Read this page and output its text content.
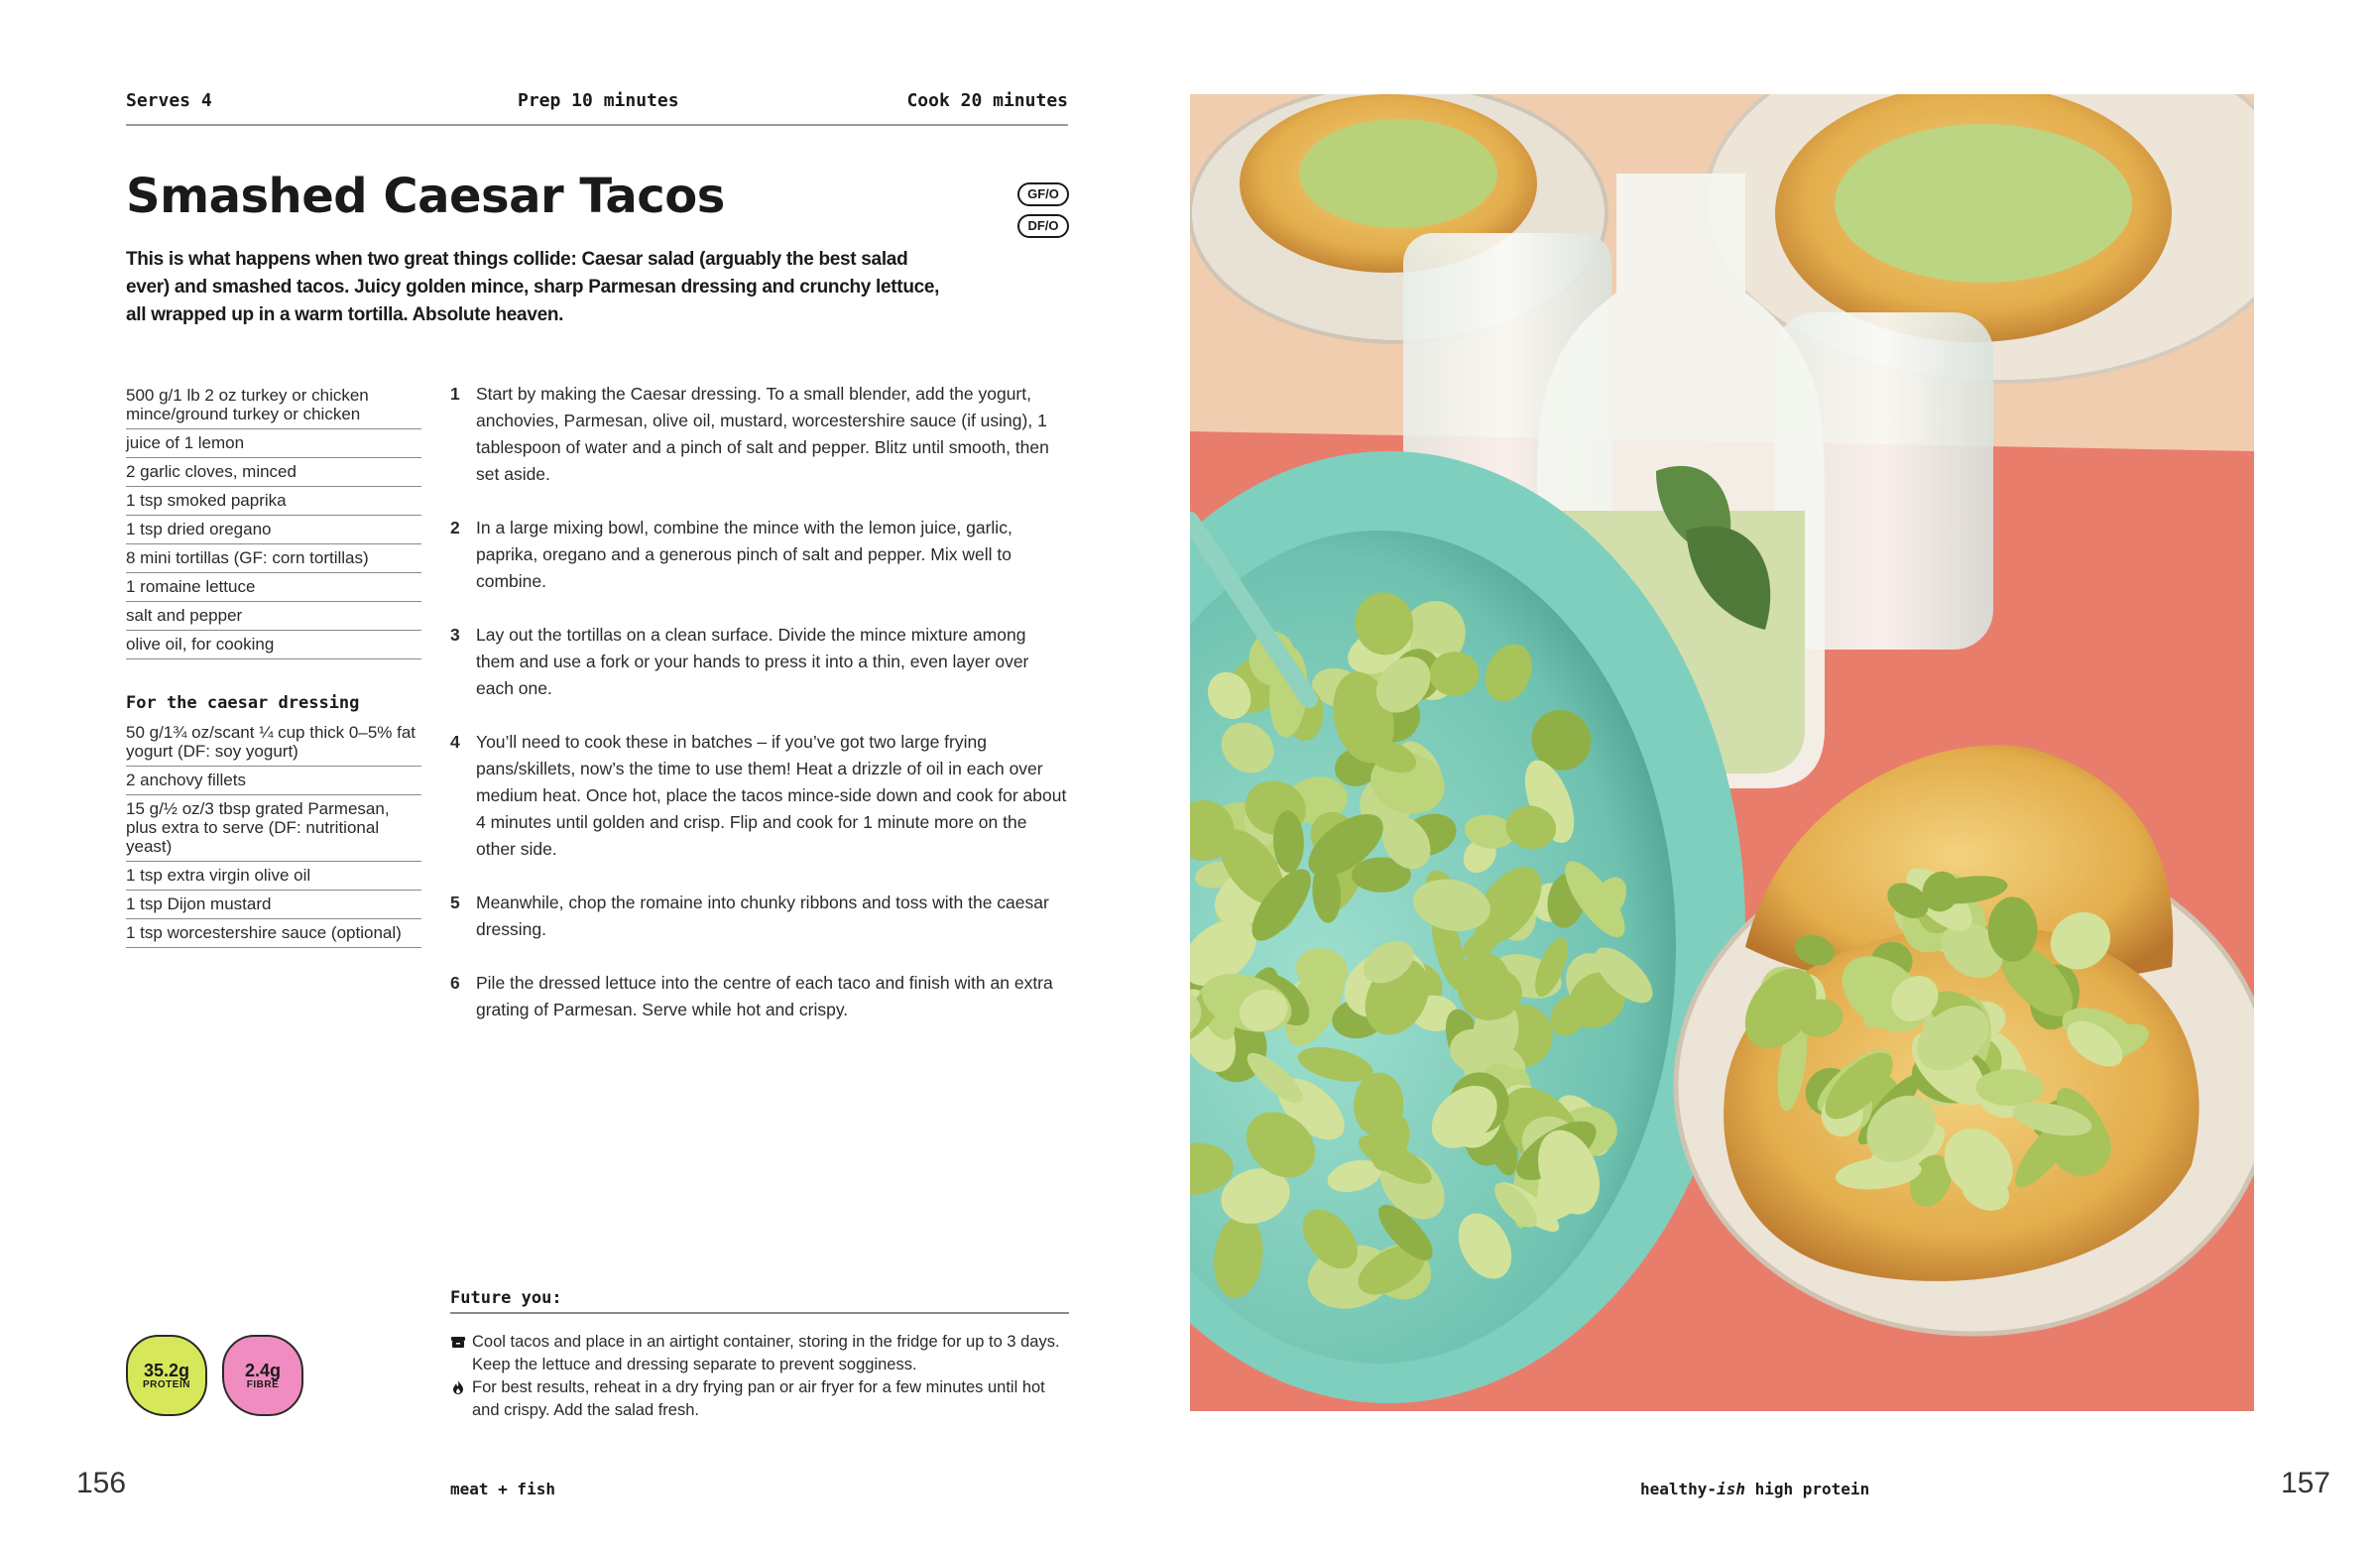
Serves 4	Prep 10 minutes	Cook 20 minutes
Smashed Caesar Tacos	GF/O
DF/O
This is what happens when two great things collide: Caesar salad (arguably the best salad ever) and smashed tacos. Juicy golden mince, sharp Parmesan dressing and crunchy lettuce, all wrapped up in a warm tortilla. Absolute heaven.
500 g/1 lb 2 oz turkey or chicken mince/ground turkey or chicken
juice of 1 lemon
2 garlic cloves, minced
1 tsp smoked paprika
1 tsp dried oregano
8 mini tortillas (GF: corn tortillas)
1 romaine lettuce
salt and pepper
olive oil, for cooking
For the caesar dressing
50 g/1¾ oz/scant ¼ cup thick 0–5% fat yogurt (DF: soy yogurt)
2 anchovy fillets
15 g/½ oz/3 tbsp grated Parmesan, plus extra to serve (DF: nutritional yeast)
1 tsp extra virgin olive oil
1 tsp Dijon mustard
1 tsp worcestershire sauce (optional)
1 Start by making the Caesar dressing. To a small blender, add the yogurt, anchovies, Parmesan, olive oil, mustard, worcestershire sauce (if using), 1 tablespoon of water and a pinch of salt and pepper. Blitz until smooth, then set aside.
2 In a large mixing bowl, combine the mince with the lemon juice, garlic, paprika, oregano and a generous pinch of salt and pepper. Mix well to combine.
3 Lay out the tortillas on a clean surface. Divide the mince mixture among them and use a fork or your hands to press it into a thin, even layer over each one.
4 You’ll need to cook these in batches – if you’ve got two large frying pans/skillets, now’s the time to use them! Heat a drizzle of oil in each over medium heat. Once hot, place the tacos mince-side down and cook for about 4 minutes until golden and crisp. Flip and cook for 1 minute more on the other side.
5 Meanwhile, chop the romaine into chunky ribbons and toss with the caesar dressing.
6 Pile the dressed lettuce into the centre of each taco and finish with an extra grating of Parmesan. Serve while hot and crispy.
Future you:
Cool tacos and place in an airtight container, storing in the fridge for up to 3 days. Keep the lettuce and dressing separate to prevent sogginess.
For best results, reheat in a dry frying pan or air fryer for a few minutes until hot and crispy. Add the salad fresh.
35.2g
PROTEIN
2.4g
FIBRE
156	meat + fish	healthy-ish high protein	157
